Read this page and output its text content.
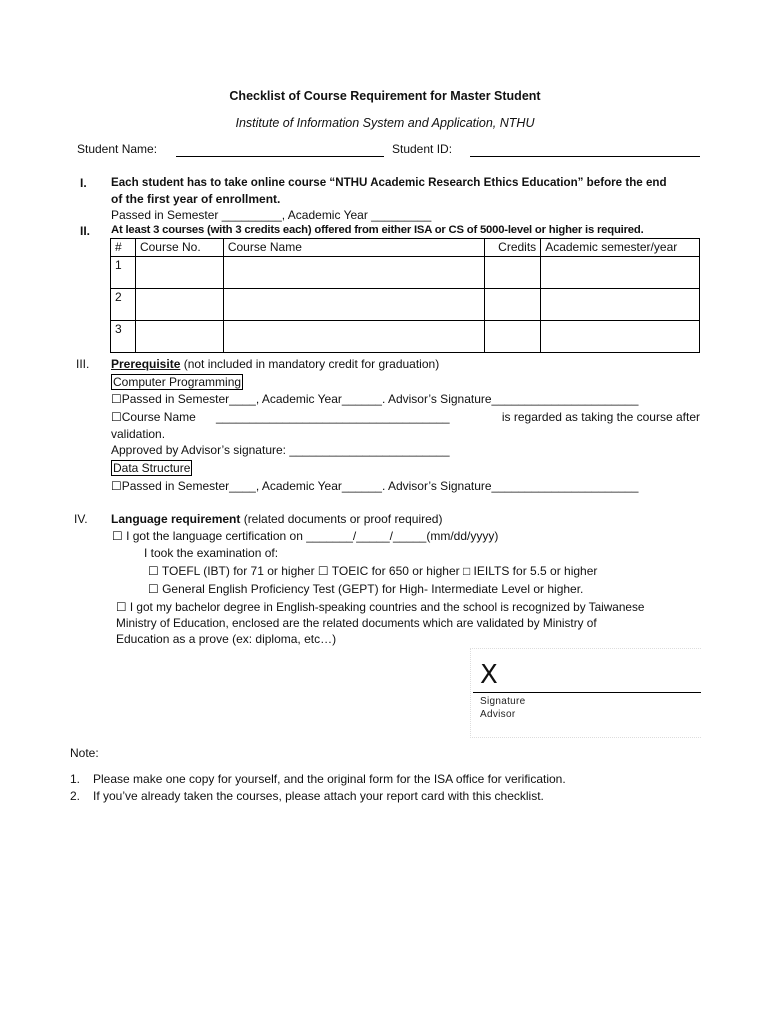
Checklist of Course Requirement for Master Student
Institute of Information System and Application, NTHU
Student Name:	Student ID:
I. Each student has to take online course “NTHU Academic Research Ethics Education” before the end
of the first year of enrollment.
Passed in Semester _________, Academic Year _________
II. At least 3 courses (with 3 credits each) offered from either ISA or CS of 5000-level or higher is required.
#	Course No.	Course Name	Credits	Academic semester/year
1				
2				
3				
III. Prerequisite (not included in mandatory credit for graduation)
Computer Programming
☐Passed in Semester____, Academic Year______. Advisor’s Signature______________________
☐Course Name ___________________________________	is regarded as taking the course after
validation.
Approved by Advisor’s signature: ________________________
Data Structure
☐Passed in Semester____, Academic Year______. Advisor’s Signature______________________
IV. Language requirement (related documents or proof required)
☐ I got the language certification on _______/_____/_____(mm/dd/yyyy)
I took the examination of:
☐ TOEFL (IBT) for 71 or higher ☐ TOEIC for 650 or higher □ IEILTS for 5.5 or higher
☐ General English Proficiency Test (GEPT) for High- Intermediate Level or higher.
☐ I got my bachelor degree in English-speaking countries and the school is recognized by Taiwanese
Ministry of Education, enclosed are the related documents which are validated by Ministry of
Education as a prove (ex: diploma, etc…)
X
Signature
Advisor
Note:
1. Please make one copy for yourself, and the original form for the ISA office for verification.
2. If you’ve already taken the courses, please attach your report card with this checklist.
